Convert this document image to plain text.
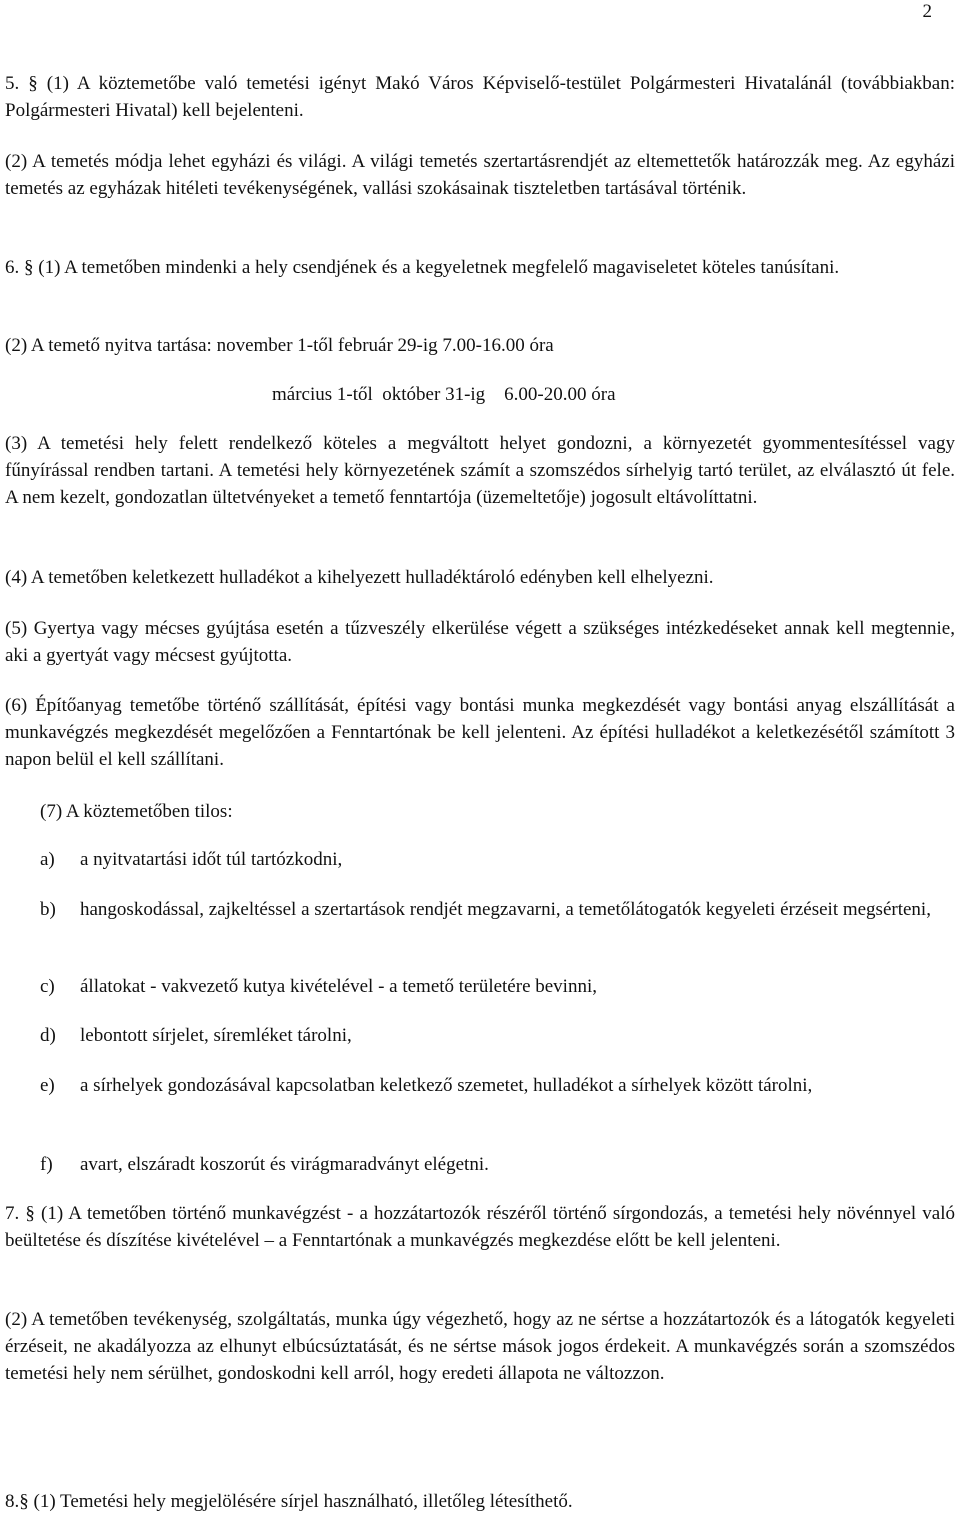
2

5. § (1) A köztemetőbe való temetési igényt Makó Város Képviselő-testület Polgármesteri Hivatalánál (továbbiakban: Polgármesteri Hivatal) kell bejelenteni.

(2) A temetés módja lehet egyházi és világi. A világi temetés szertartásrendjét az eltemettetők határozzák meg. Az egyházi temetés az egyházak hitéleti tevékenységének, vallási szokásainak tiszteletben tartásával történik.

6. § (1) A temetőben mindenki a hely csendjének és a kegyeletnek megfelelő magaviseletet köteles tanúsítani.

(2) A temető nyitva tartása: november 1-től február 29-ig 7.00-16.00 óra

március 1-től  október 31-ig    6.00-20.00 óra

(3) A temetési hely felett rendelkező köteles a megváltott helyet gondozni, a környezetét gyommentesítéssel vagy fűnyírással rendben tartani. A temetési hely környezetének számít a szomszédos sírhelyig tartó terület, az elválasztó út fele. A nem kezelt, gondozatlan ültetvényeket a temető fenntartója (üzemeltetője) jogosult eltávolíttatni.

(4) A temetőben keletkezett hulladékot a kihelyezett hulladéktároló edényben kell elhelyezni.

(5) Gyertya vagy mécses gyújtása esetén a tűzveszély elkerülése végett a szükséges intézkedéseket annak kell megtennie, aki a gyertyát vagy mécsest gyújtotta.

(6) Építőanyag temetőbe történő szállítását, építési vagy bontási munka megkezdését vagy bontási anyag elszállítását a munkavégzés megkezdését megelőzően a Fenntartónak be kell jelenteni. Az építési hulladékot a keletkezésétől számított 3 napon belül el kell szállítani.

(7) A köztemetőben tilos:
a)	a nyitvatartási időt túl tartózkodni,
b)	hangoskodással, zajkeltéssel a szertartások rendjét megzavarni, a temetőlátogatók kegyeleti érzéseit megsérteni,
c)	állatokat - vakvezető kutya kivételével - a temető területére bevinni,
d)	lebontott sírjelet, síremléket tárolni,
e)	a sírhelyek gondozásával kapcsolatban keletkező szemetet, hulladékot a sírhelyek között tárolni,
f)	avart, elszáradt koszorút és virágmaradványt elégetni.

7. § (1) A temetőben történő munkavégzést - a hozzátartozók részéről történő sírgondozás, a temetési hely növénnyel való beültetése és díszítése kivételével – a Fenntartónak a munkavégzés megkezdése előtt be kell jelenteni.

(2) A temetőben tevékenység, szolgáltatás, munka úgy végezhető, hogy az ne sértse a hozzátartozók és a látogatók kegyeleti érzéseit, ne akadályozza az elhunyt elbúcsúztatását, és ne sértse mások jogos érdekeit. A munkavégzés során a szomszédos temetési hely nem sérülhet, gondoskodni kell arról, hogy eredeti állapota ne változzon.

8.§ (1) Temetési hely megjelölésére sírjel használható, illetőleg létesíthető.
